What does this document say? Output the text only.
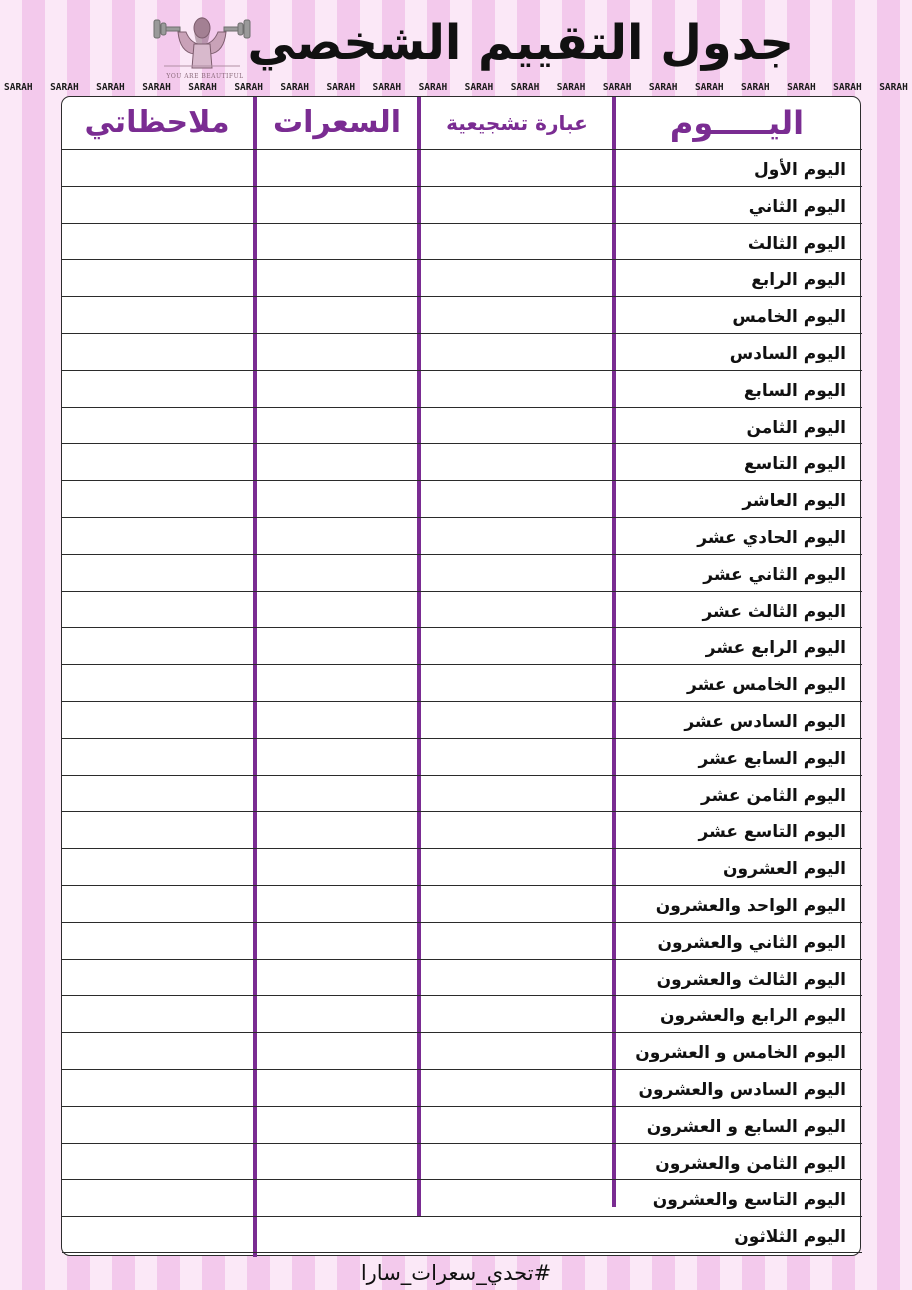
YOU ARE BEAUTIFUL
جدول التقييم الشخصي
SARAH SARAH SARAH SARAH SARAH SARAH SARAH SARAH SARAH SARAH SARAH SARAH SARAH SARAH SARAH SARAH SARAH SARAH SARAH SARAH
ملاحظاتي	السعرات	عبارة تشجيعية	اليـــــوم
اليوم الأول
اليوم الثاني
اليوم الثالث
اليوم الرابع
اليوم الخامس
اليوم السادس
اليوم السابع
اليوم الثامن
اليوم التاسع
اليوم العاشر
اليوم الحادي عشر
اليوم الثاني عشر
اليوم الثالث عشر
اليوم الرابع عشر
اليوم الخامس عشر
اليوم السادس عشر
اليوم السابع عشر
اليوم الثامن عشر
اليوم التاسع عشر
اليوم العشرون
اليوم الواحد والعشرون
اليوم الثاني والعشرون
اليوم الثالث والعشرون
اليوم الرابع والعشرون
اليوم الخامس و العشرون
اليوم السادس والعشرون
اليوم السابع و العشرون
اليوم الثامن والعشرون
اليوم التاسع والعشرون
اليوم الثلاثون
#تحدي_سعرات_سارا
